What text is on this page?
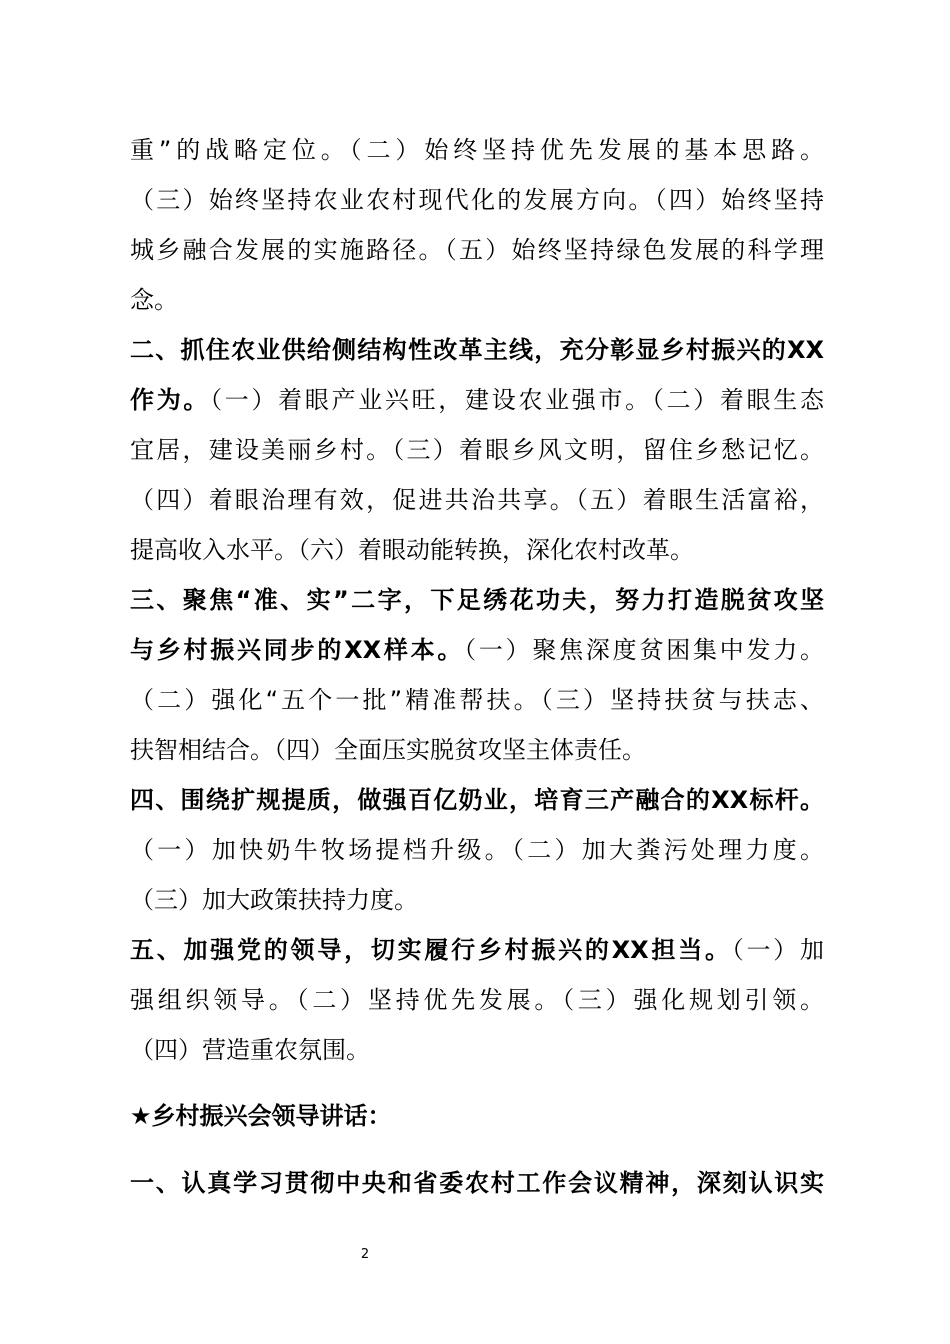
重”的战略定位。（二）始终坚持优先发展的基本思路。
（三）始终坚持农业农村现代化的发展方向。（四）始终坚持
城乡融合发展的实施路径。（五）始终坚持绿色发展的科学理
念。
二、抓住农业供给侧结构性改革主线，充分彰显乡村振兴的XX
作为。（一）着眼产业兴旺，建设农业强市。（二）着眼生态
宜居，建设美丽乡村。（三）着眼乡风文明，留住乡愁记忆。
（四）着眼治理有效，促进共治共享。（五）着眼生活富裕，
提高收入水平。（六）着眼动能转换，深化农村改革。
三、聚焦“准、实”二字，下足绣花功夫，努力打造脱贫攻坚
与乡村振兴同步的XX样本。（一）聚焦深度贫困集中发力。
（二）强化“五个一批”精准帮扶。（三）坚持扶贫与扶志、
扶智相结合。（四）全面压实脱贫攻坚主体责任。
四、围绕扩规提质，做强百亿奶业，培育三产融合的XX标杆。
（一）加快奶牛牧场提档升级。（二）加大粪污处理力度。
（三）加大政策扶持力度。
五、加强党的领导，切实履行乡村振兴的XX担当。（一）加
强组织领导。（二）坚持优先发展。（三）强化规划引领。
（四）营造重农氛围。
★乡村振兴会领导讲话：
一、认真学习贯彻中央和省委农村工作会议精神，深刻认识实
2
